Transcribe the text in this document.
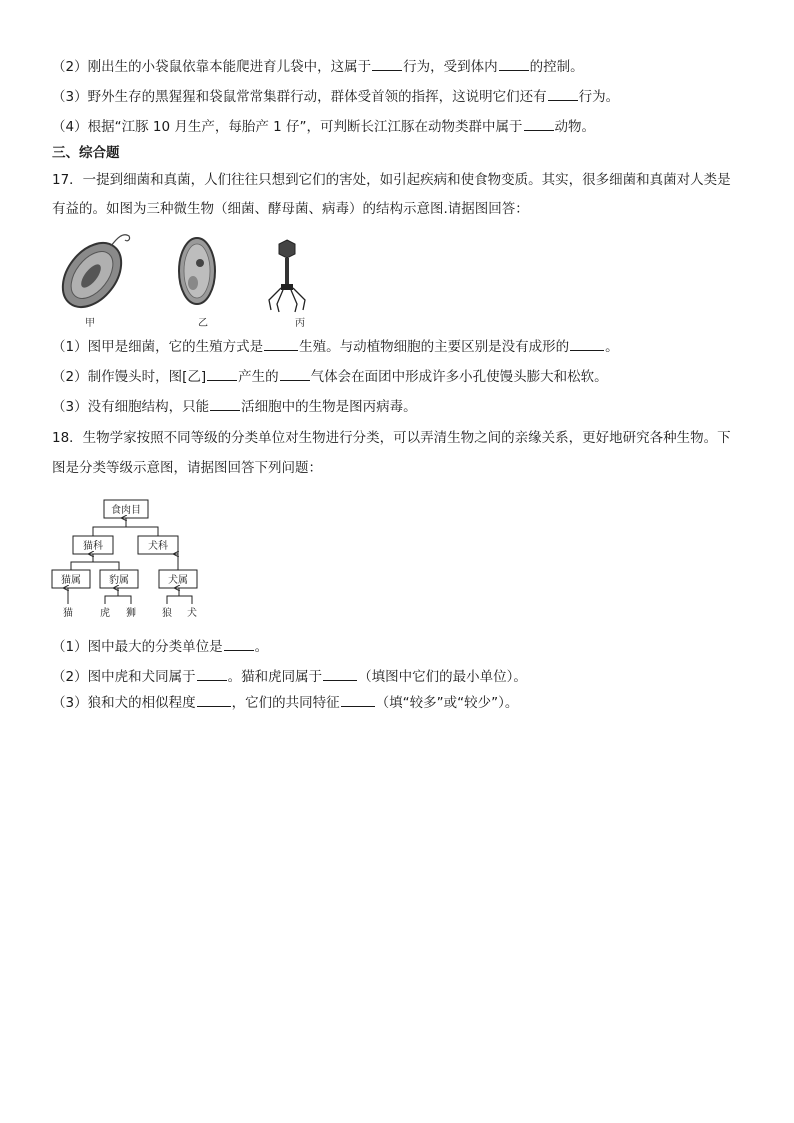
（2）刚出生的小袋鼠依靠本能爬进育儿袋中，这属于 行为，受到体内 的控制。
（3）野外生存的黑猩猩和袋鼠常常集群行动，群体受首领的指挥，这说明它们还有 行为。
（4）根据“江豚 10 月生产，每胎产 1 仔”，可判断长江江豚在动物类群中属于 动物。
三、综合题
17．一提到细菌和真菌，人们往往只想到它们的害处，如引起疾病和使食物变质。其实，很多细菌和真菌对人类是
有益的。如图为三种微生物（细菌、酵母菌、病毒）的结构示意图.请据图回答：
甲	乙	丙
（1）图甲是细菌，它的生殖方式是	生殖。与动植物细胞的主要区别是没有成形的	。
（2）制作馒头时，图[乙] 产生的 气体会在面团中形成许多小孔使馒头膨大和松软。
（3）没有细胞结构，只能 活细胞中的生物是图丙病毒。
18．生物学家按照不同等级的分类单位对生物进行分类，可以弄清生物之间的亲缘关系，更好地研究各种生物。下
图是分类等级示意图，请据图回答下列问题：
食肉目
猫科	犬科
猫属	豹属	犬属
猫	虎 狮	狼 犬
（1）图中最大的分类单位是 。
（2）图中虎和犬同属于 。猫和虎同属于	（填图中它们的最小单位）。
（3）狼和犬的相似程度	，它们的共同特征	（填“较多”或“较少”）。
